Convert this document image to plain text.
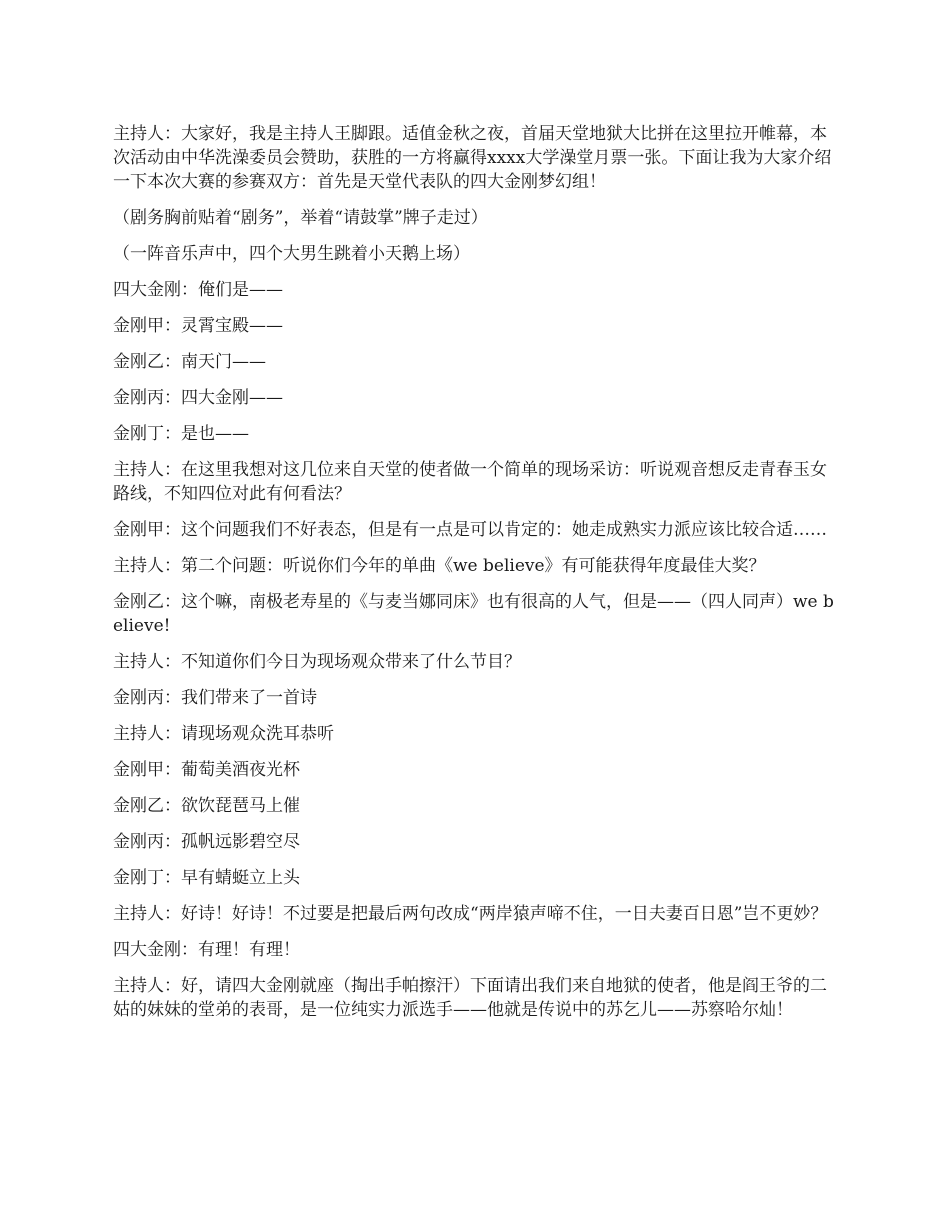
主持人：大家好，我是主持人王脚跟。适值金秋之夜，首届天堂地狱大比拼在这里拉开帷幕，本次活动由中华洗澡委员会赞助，获胜的一方将赢得xxxx大学澡堂月票一张。下面让我为大家介绍一下本次大赛的参赛双方：首先是天堂代表队的四大金刚梦幻组！

（剧务胸前贴着“剧务”，举着“请鼓掌”牌子走过）

（一阵音乐声中，四个大男生跳着小天鹅上场）

四大金刚：俺们是——

金刚甲：灵霄宝殿——

金刚乙：南天门——

金刚丙：四大金刚——

金刚丁：是也——

主持人：在这里我想对这几位来自天堂的使者做一个简单的现场采访：听说观音想反走青春玉女路线，不知四位对此有何看法？

金刚甲：这个问题我们不好表态，但是有一点是可以肯定的：她走成熟实力派应该比较合适……

主持人：第二个问题：听说你们今年的单曲《we believe》有可能获得年度最佳大奖？

金刚乙：这个嘛，南极老寿星的《与麦当娜同床》也有很高的人气，但是——（四人同声）we believe!

主持人：不知道你们今日为现场观众带来了什么节目？

金刚丙：我们带来了一首诗

主持人：请现场观众洗耳恭听

金刚甲：葡萄美酒夜光杯

金刚乙：欲饮琵琶马上催

金刚丙：孤帆远影碧空尽

金刚丁：早有蜻蜓立上头

主持人：好诗！好诗！不过要是把最后两句改成“两岸猿声啼不住，一日夫妻百日恩”岂不更妙？

四大金刚：有理！有理！

主持人：好，请四大金刚就座（掏出手帕擦汗）下面请出我们来自地狱的使者，他是阎王爷的二姑的妹妹的堂弟的表哥，是一位纯实力派选手——他就是传说中的苏乞儿——苏察哈尔灿！
